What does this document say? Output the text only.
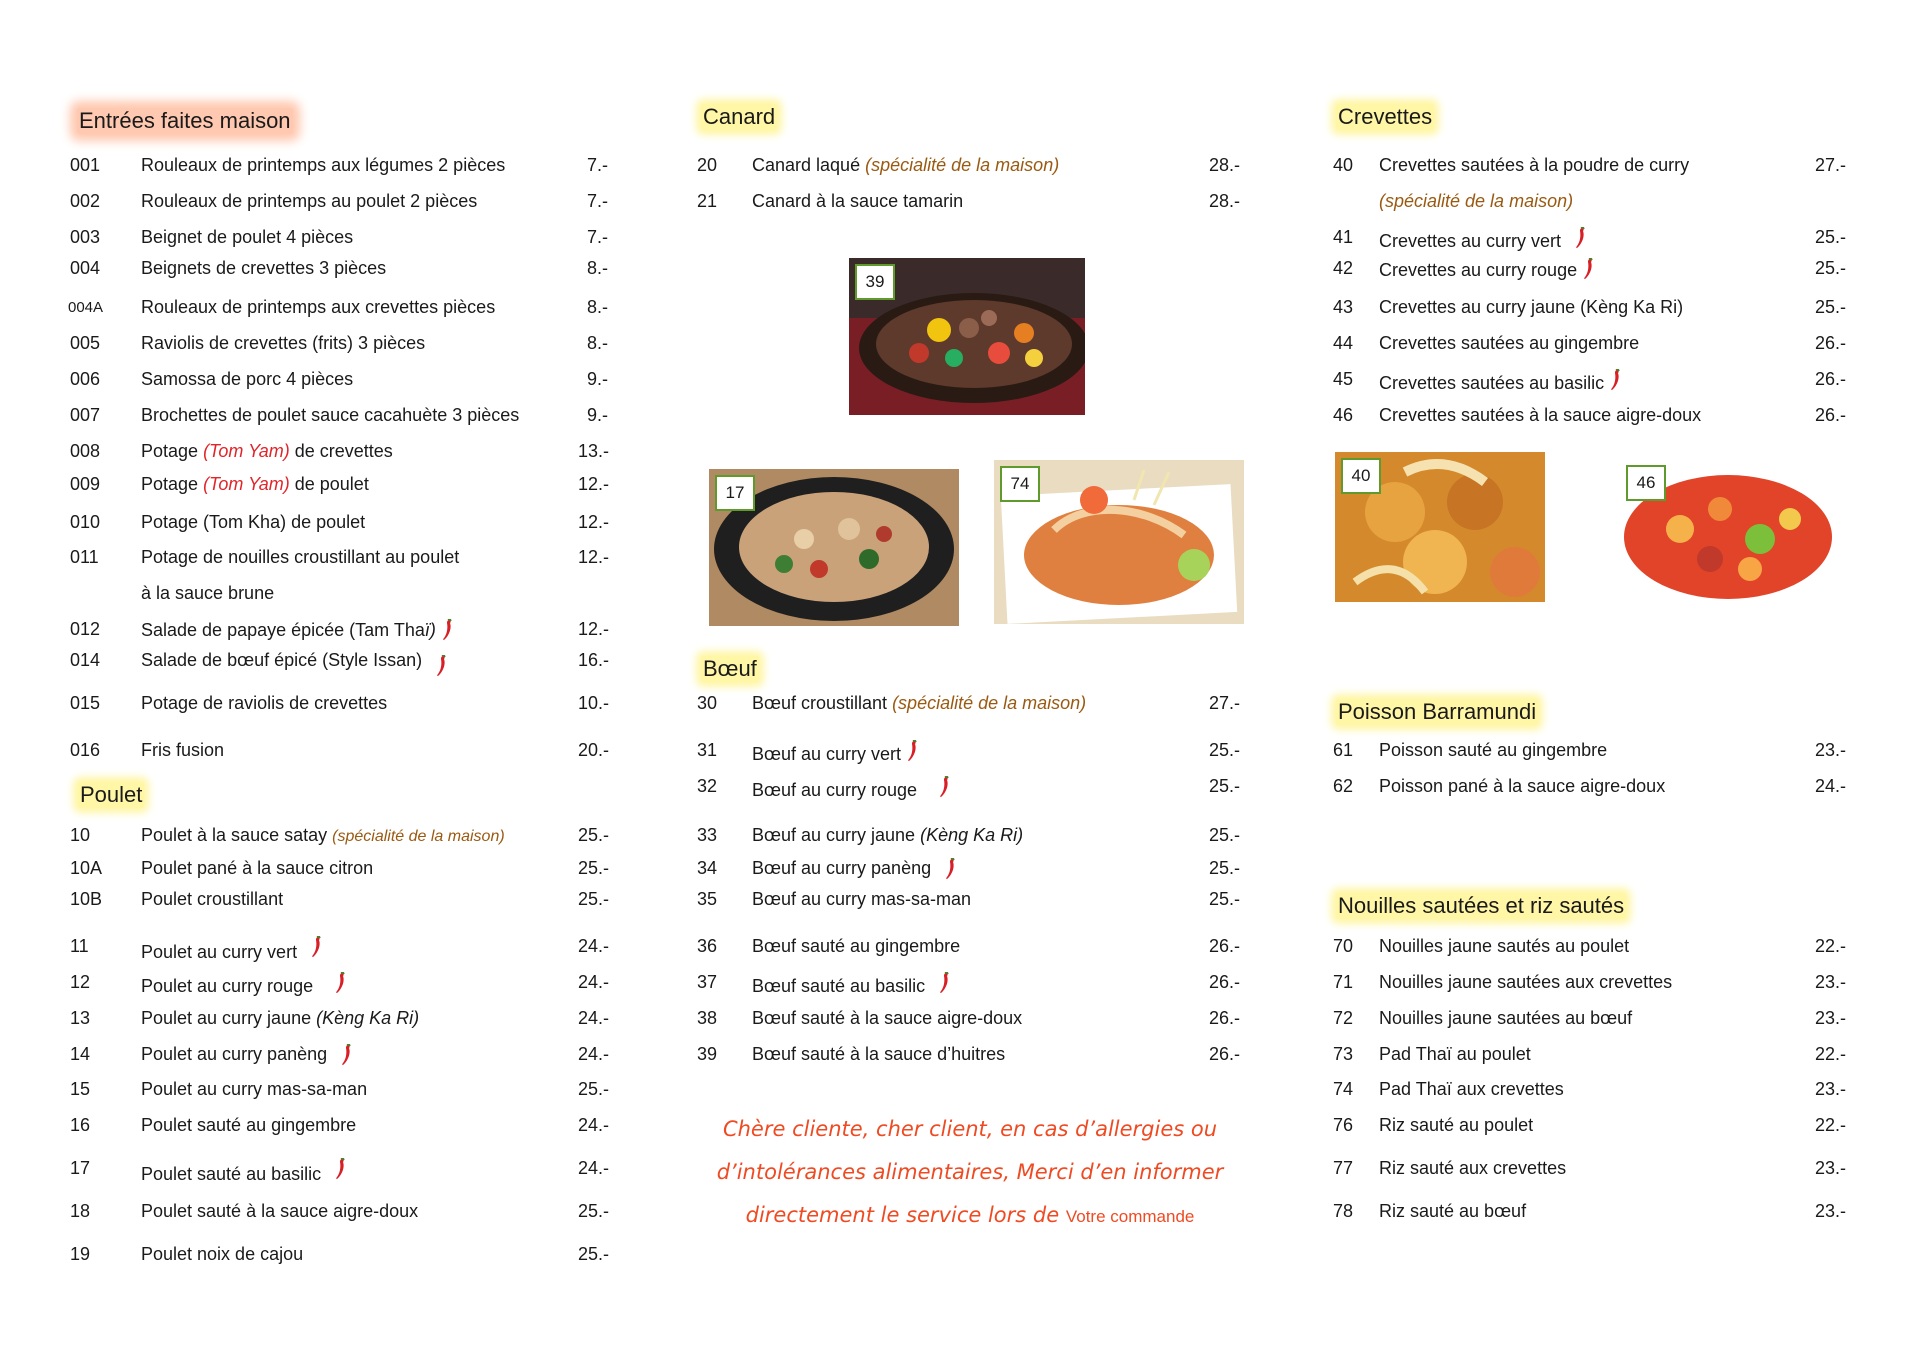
Entrées faites maison
001 Rouleaux de printemps aux légumes 2 pièces	7.-
002 Rouleaux de printemps au poulet 2 pièces	7.-
003 Beignet de poulet 4 pièces	7.-
004 Beignets de crevettes 3 pièces	8.-
004A Rouleaux de printemps aux crevettes pièces	8.-
005 Raviolis de crevettes (frits) 3 pièces	8.-
006 Samossa de porc 4 pièces	9.-
007 Brochettes de poulet sauce cacahuète 3 pièces	9.-
008 Potage (Tom Yam) de crevettes	13.-
009 Potage (Tom Yam) de poulet	12.-
010 Potage (Tom Kha) de poulet	12.-
011 Potage de nouilles croustillant au poulet	12.-
à la sauce brune
012 Salade de papaye épicée (Tam Thaï)	12.-
014 Salade de bœuf épicé (Style Issan)	16.-
015 Potage de raviolis de crevettes	10.-
016 Fris fusion	20.-
Poulet
10	Poulet à la sauce satay (spécialité de la maison)	25.-
10A Poulet pané à la sauce citron	25.-
10B Poulet croustillant	25.-
11	Poulet au curry vert	24.-
12	Poulet au curry rouge	24.-
13	Poulet au curry jaune (Kèng Ka Ri)	24.-
14	Poulet au curry panèng	24.-
15	Poulet au curry mas-sa-man	25.-
16	Poulet sauté au gingembre	24.-
17	Poulet sauté au basilic	24.-
18	Poulet sauté à la sauce aigre-doux	25.-
19	Poulet noix de cajou	25.-
Canard
20 Canard laqué (spécialité de la maison)	28.-
21 Canard à la sauce tamarin	28.-
Bœuf
30 Bœuf croustillant (spécialité de la maison)	27.-
31 Bœuf au curry vert	25.-
32 Bœuf au curry rouge	25.-
33 Bœuf au curry jaune (Kèng Ka Ri)	25.-
34 Bœuf au curry panèng	25.-
35 Bœuf au curry mas-sa-man	25.-
36 Bœuf sauté au gingembre	26.-
37 Bœuf sauté au basilic	26.-
38 Bœuf sauté à la sauce aigre-doux	26.-
39 Bœuf sauté à la sauce d’huitres	26.-
Crevettes
40 Crevettes sautées à la poudre de curry	27.-
(spécialité de la maison)
41 Crevettes au curry vert	25.-
42 Crevettes au curry rouge	25.-
43 Crevettes au curry jaune (Kèng Ka Ri)	25.-
44 Crevettes sautées au gingembre	26.-
45 Crevettes sautées au basilic	26.-
46 Crevettes sautées à la sauce aigre-doux	26.-
Poisson Barramundi
61 Poisson sauté au gingembre	23.-
62 Poisson pané à la sauce aigre-doux	24.-
Nouilles sautées et riz sautés
70 Nouilles jaune sautés au poulet	22.-
71 Nouilles jaune sautées aux crevettes	23.-
72 Nouilles jaune sautées au bœuf	23.-
73 Pad Thaï au poulet	22.-
74 Pad Thaï aux crevettes	23.-
76 Riz sauté au poulet	22.-
77 Riz sauté aux crevettes	23.-
78 Riz sauté au bœuf	23.-
39
17	74	40	46
Chère cliente, cher client, en cas d’allergies ou
d’intolérances alimentaires, Merci d’en informer
directement le service lors de Votre commande
